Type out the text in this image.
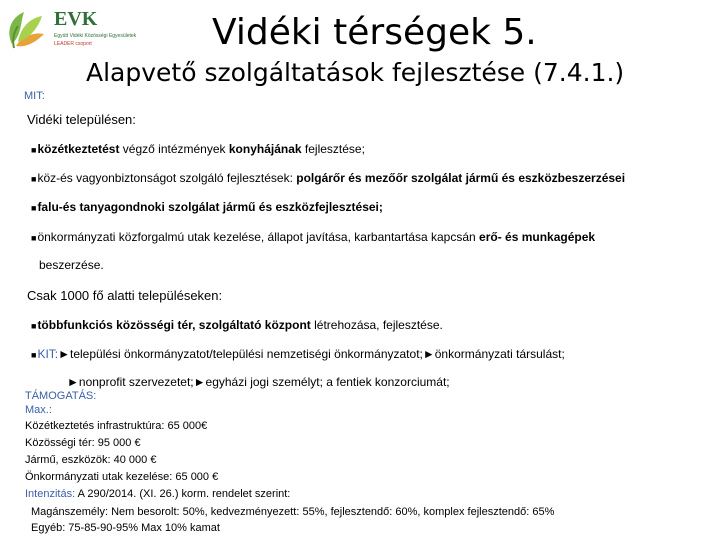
EVK
Együtt Vidéki Közösségi Egyesületek
LEADER csoport	Vidéki térségek 5.
Alapvető szolgáltatások fejlesztése (7.4.1.)
MIT:
Vidéki településen:
■közétkeztetést végző intézmények konyhájának fejlesztése;
■köz-és vagyonbiztonságot szolgáló fejlesztések: polgárőr és mezőőr szolgálat jármű és eszközbeszerzései
■falu-és tanyagondnoki szolgálat jármű és eszközfejlesztései;
■önkormányzati közforgalmú utak kezelése, állapot javítása, karbantartása kapcsán erő- és munkagépek
beszerzése.
Csak 1000 fő alatti településeken:
■többfunkciós közösségi tér, szolgáltató központ létrehozása, fejlesztése.
■KIT:►települési önkormányzatot/települési nemzetiségi önkormányzatot;►önkormányzati társulást;
►nonprofit szervezetet;►egyházi jogi személyt; a fentiek konzorciumát;
TÁMOGATÁS:
Max.:
Közétkeztetés infrastruktúra: 65 000€
Közösségi tér: 95 000 €
Jármű, eszközök: 40 000 €
Önkormányzati utak kezelése: 65 000 €
Intenzitás: A 290/2014. (XI. 26.) korm. rendelet szerint:
Magánszemély: Nem besorolt: 50%, kedvezményezett: 55%, fejlesztendő: 60%, komplex fejlesztendő: 65%
Egyéb: 75-85-90-95% Max 10% kamat
